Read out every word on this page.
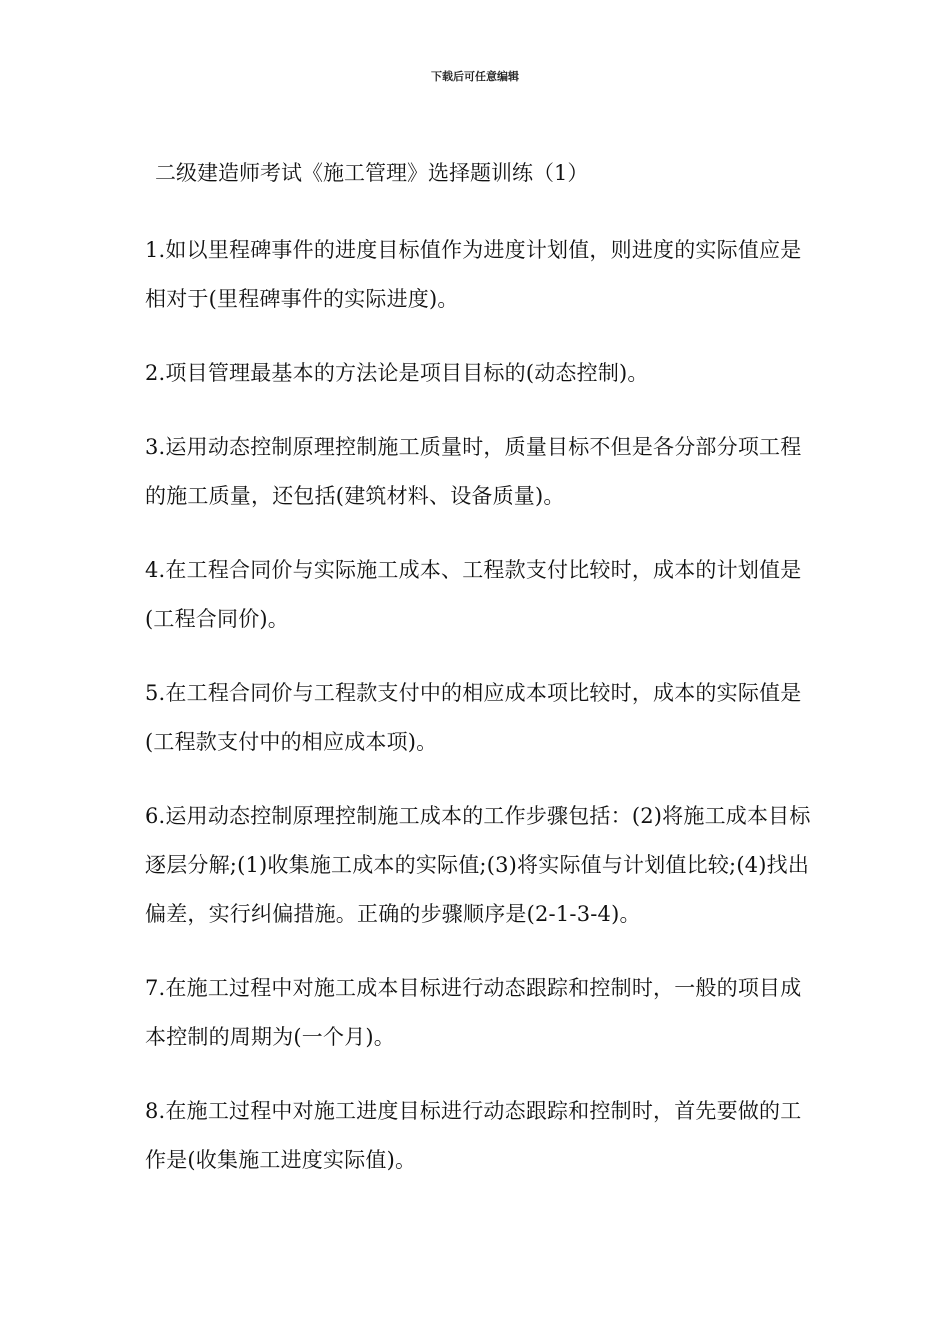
下载后可任意编辑
二级建造师考试《施工管理》选择题训练（1）

1.如以里程碑事件的进度目标值作为进度计划值，则进度的实际值应是相对于(里程碑事件的实际进度)。

2.项目管理最基本的方法论是项目目标的(动态控制)。

3.运用动态控制原理控制施工质量时，质量目标不但是各分部分项工程的施工质量，还包括(建筑材料、设备质量)。

4.在工程合同价与实际施工成本、工程款支付比较时，成本的计划值是(工程合同价)。

5.在工程合同价与工程款支付中的相应成本项比较时，成本的实际值是(工程款支付中的相应成本项)。

6.运用动态控制原理控制施工成本的工作步骤包括：(2)将施工成本目标逐层分解;(1)收集施工成本的实际值;(3)将实际值与计划值比较;(4)找出偏差，实行纠偏措施。正确的步骤顺序是(2-1-3-4)。

7.在施工过程中对施工成本目标进行动态跟踪和控制时，一般的项目成本控制的周期为(一个月)。

8.在施工过程中对施工进度目标进行动态跟踪和控制时，首先要做的工作是(收集施工进度实际值)。
